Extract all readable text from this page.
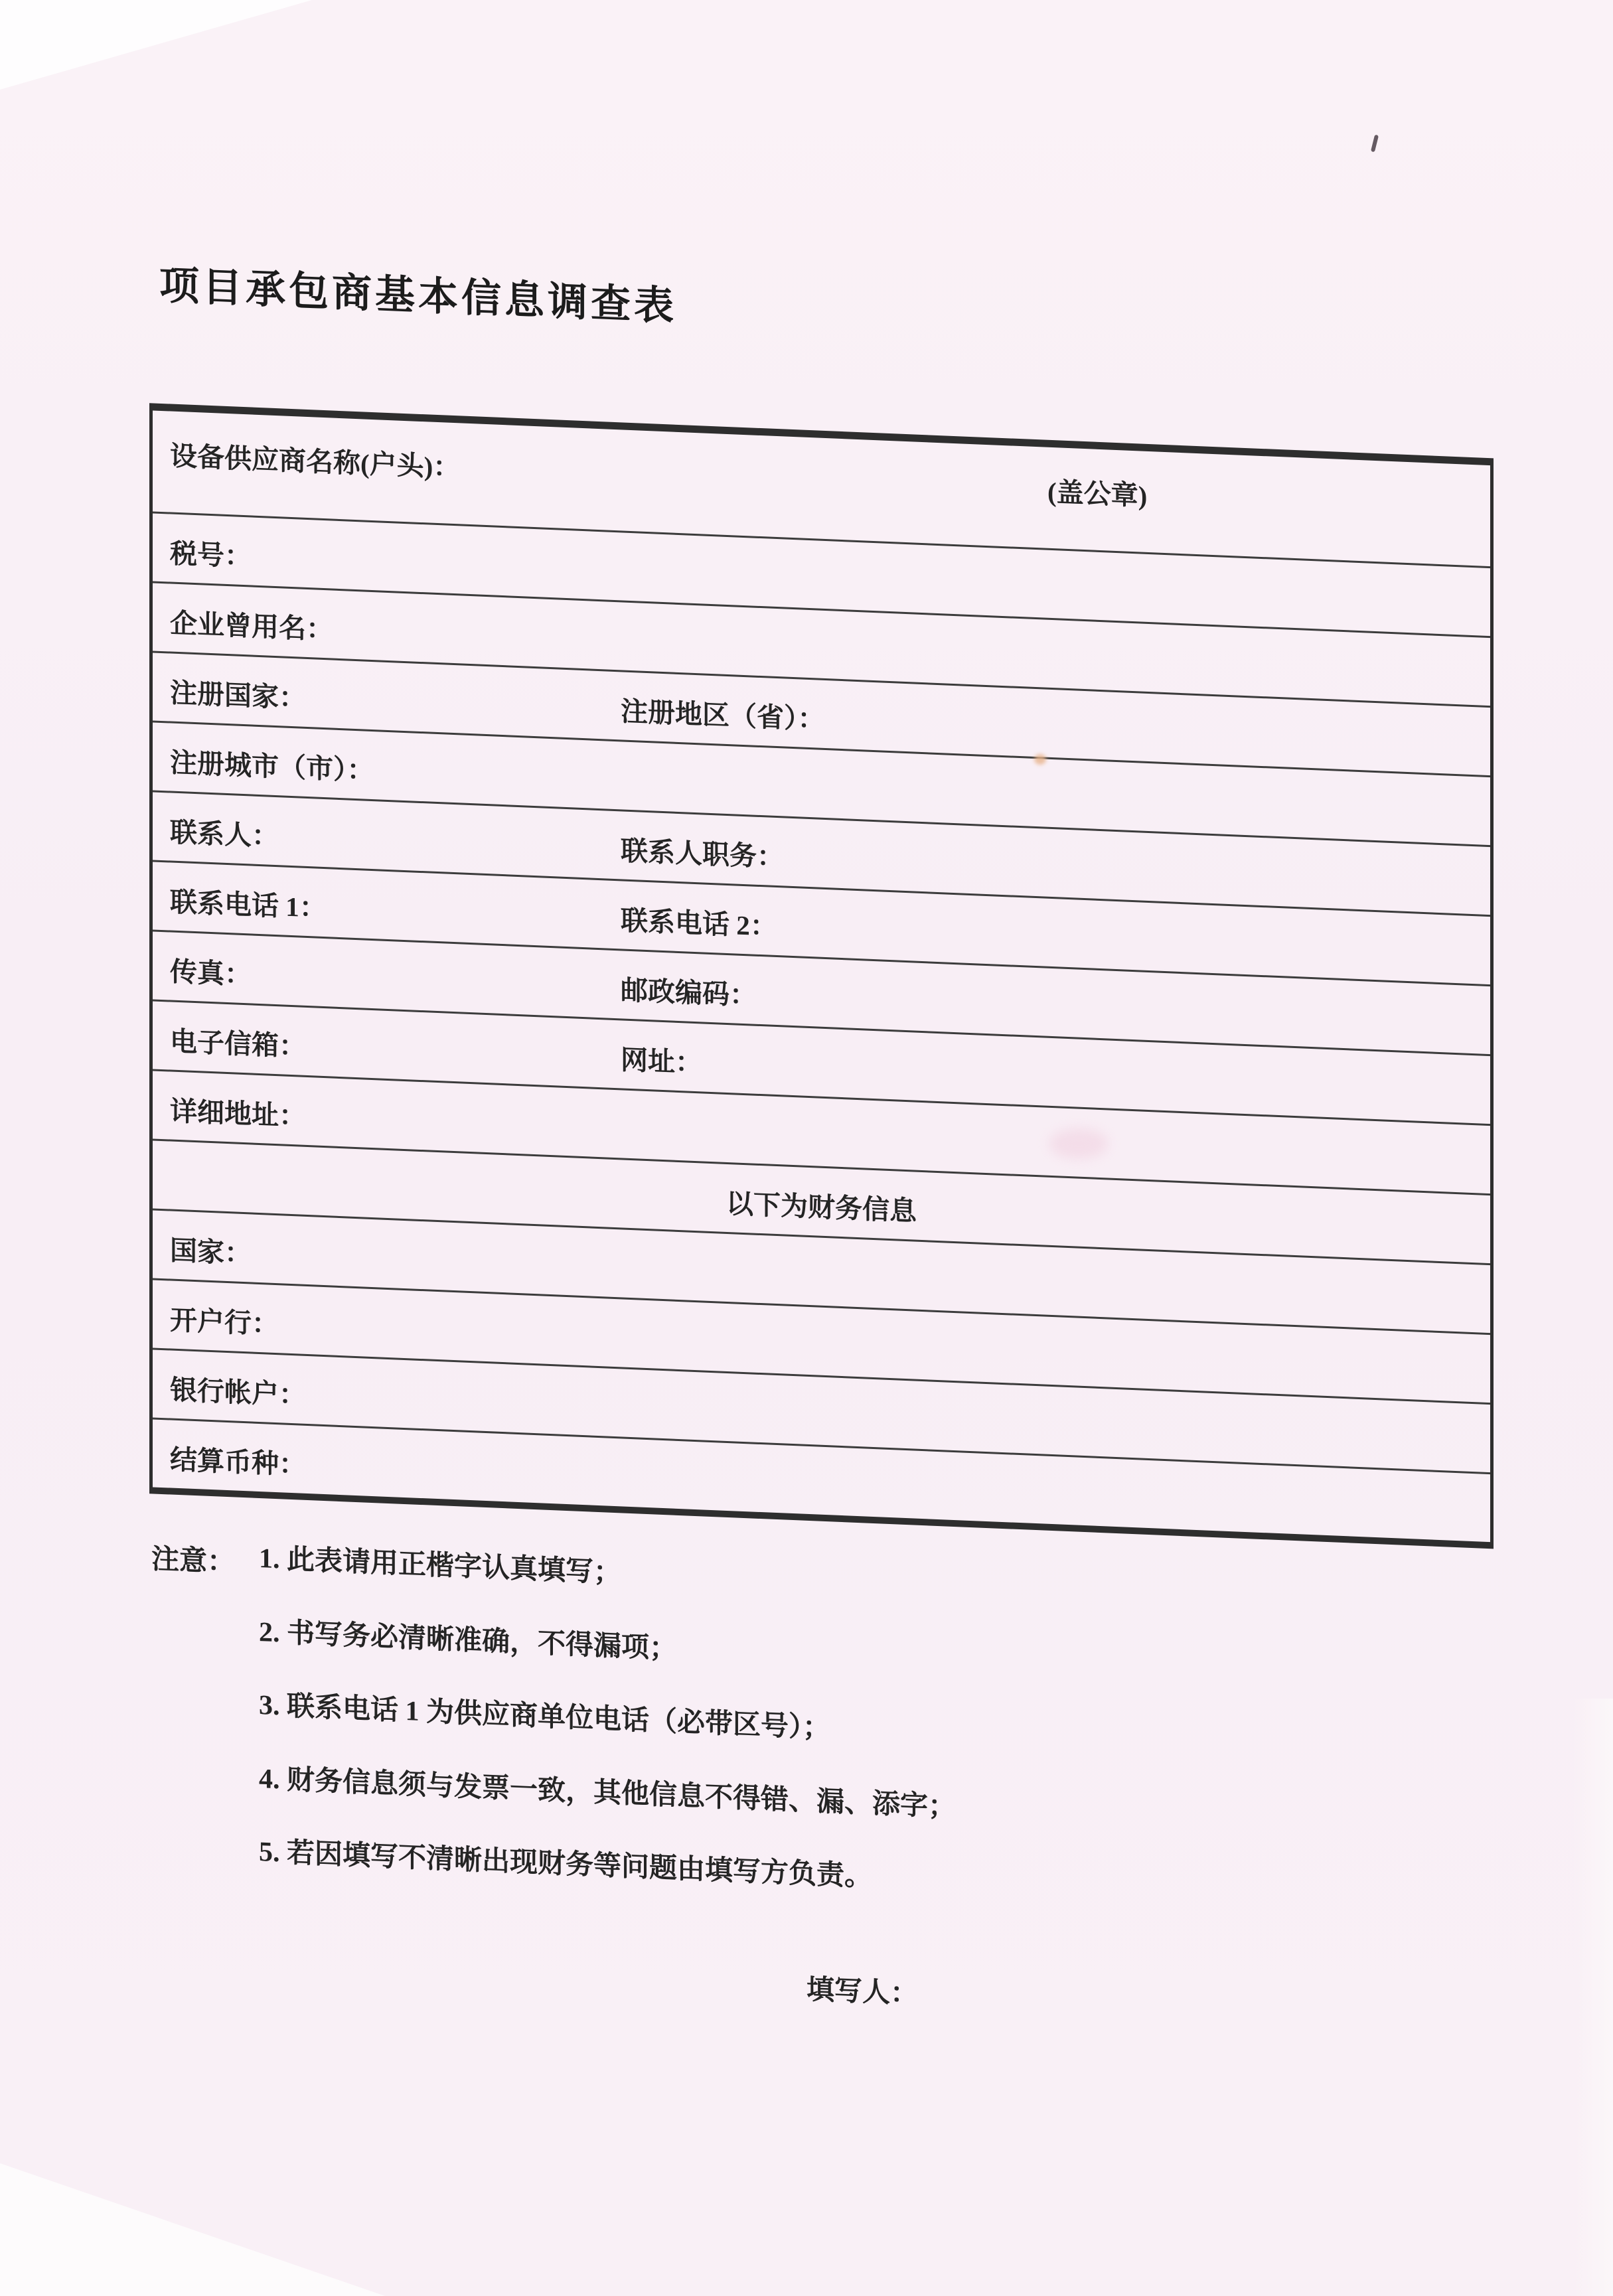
项目承包商基本信息调查表
设备供应商名称(户头)：
(盖公章)
税号：
企业曾用名：
注册国家：
注册地区（省）：
注册城市（市）：
联系人：
联系人职务：
联系电话 1：
联系电话 2：
传真：
邮政编码：
电子信箱：	网址：
详细地址：
以下为财务信息
国家：
开户行：
银行帐户：
结算币种：
注意： 1. 此表请用正楷字认真填写；
2. 书写务必清晰准确，不得漏项；
3. 联系电话 1 为供应商单位电话（必带区号）；
4. 财务信息须与发票一致，其他信息不得错、漏、添字；
5. 若因填写不清晰出现财务等问题由填写方负责。
填写人：
